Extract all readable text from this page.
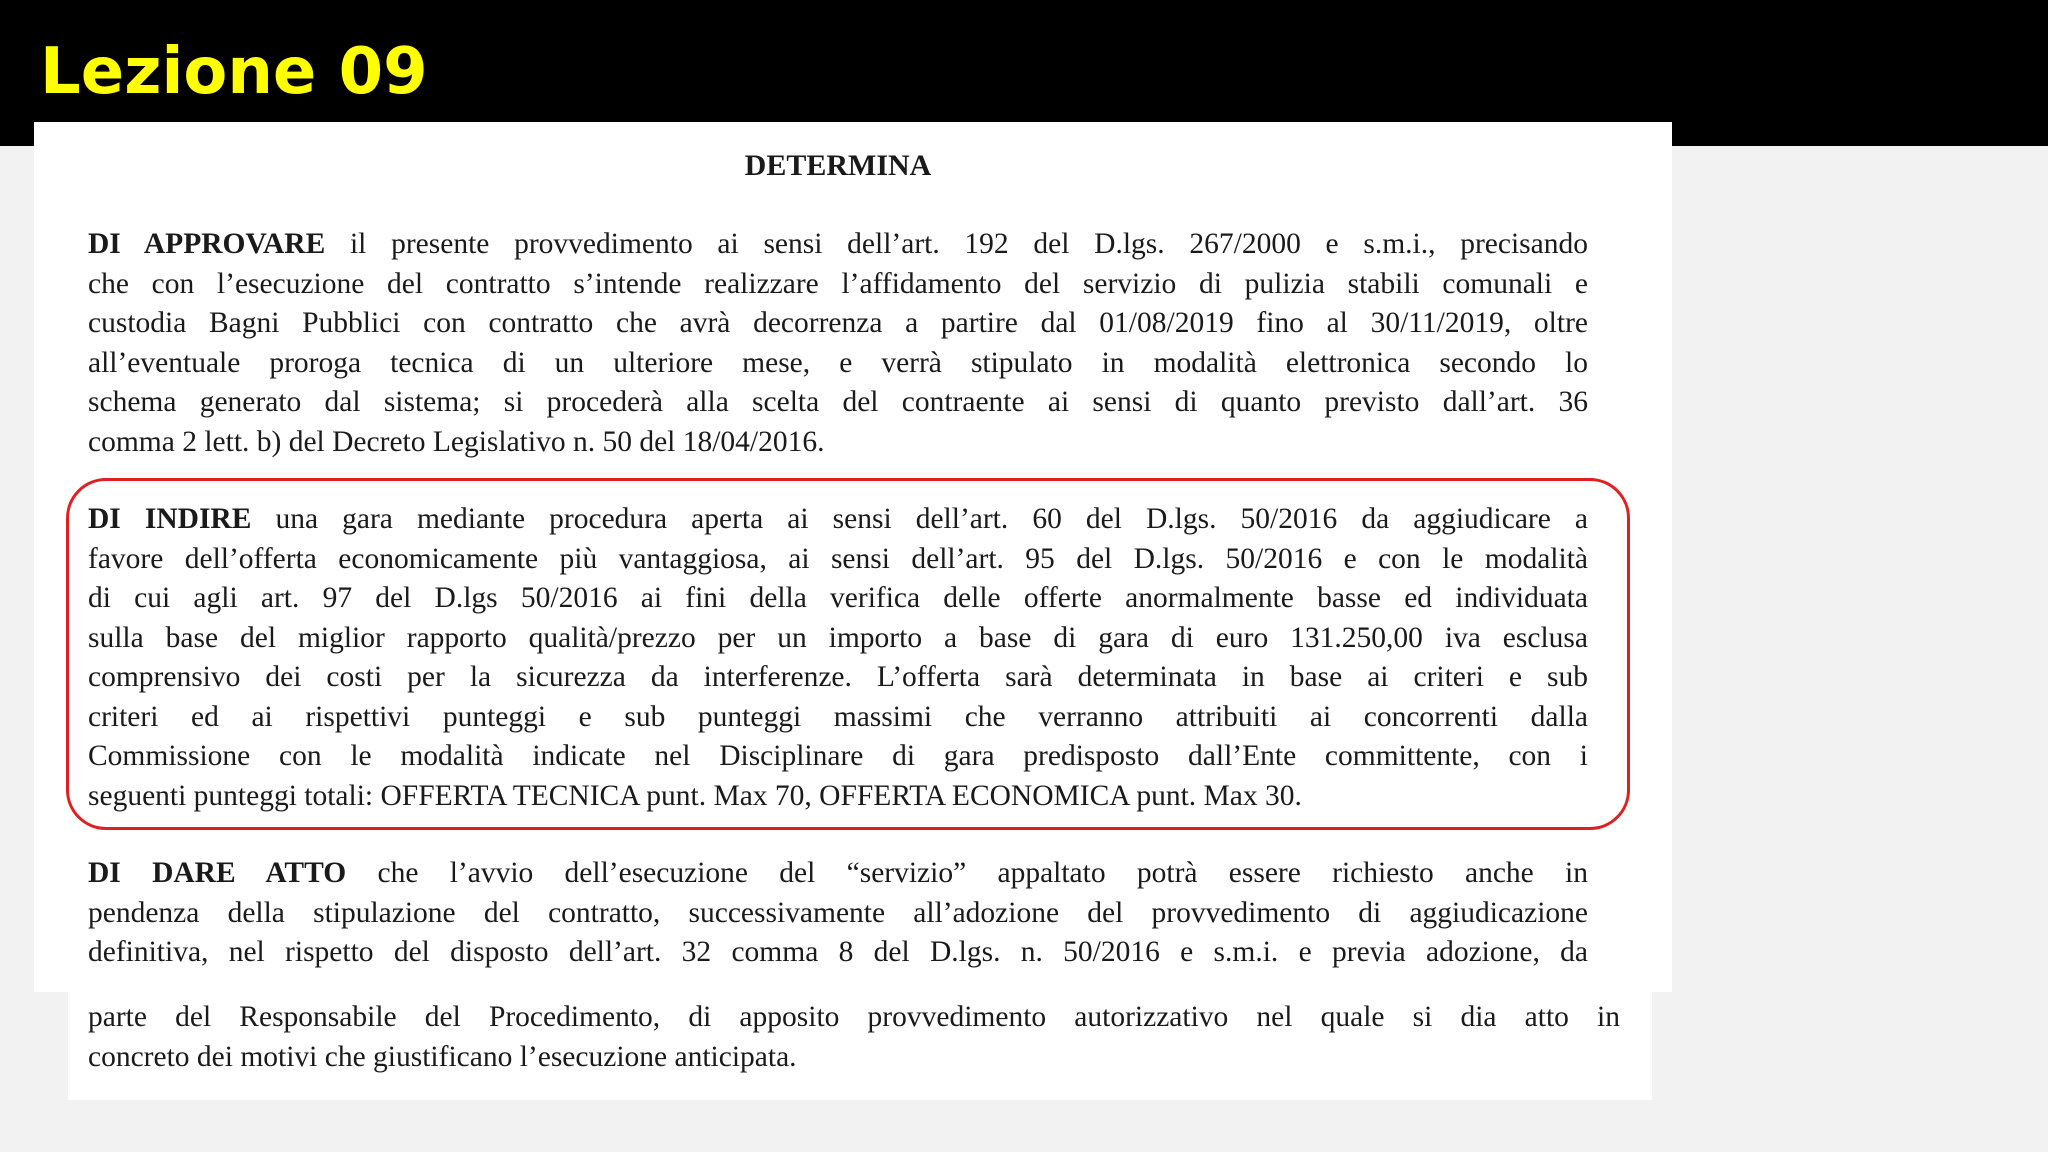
Lezione 09
DETERMINA
DI APPROVARE il presente provvedimento ai sensi dell’art. 192 del D.lgs. 267/2000 e s.m.i., precisando
che con l’esecuzione del contratto s’intende realizzare l’affidamento del servizio di pulizia stabili comunali e
custodia Bagni Pubblici con contratto che avrà decorrenza a partire dal 01/08/2019 fino al 30/11/2019, oltre
all’eventuale proroga tecnica di un ulteriore mese, e verrà stipulato in modalità elettronica secondo lo
schema generato dal sistema; si procederà alla scelta del contraente ai sensi di quanto previsto dall’art. 36
comma 2 lett. b) del Decreto Legislativo n. 50 del 18/04/2016.
DI INDIRE una gara mediante procedura aperta ai sensi dell’art. 60 del D.lgs. 50/2016 da aggiudicare a
favore dell’offerta economicamente più vantaggiosa, ai sensi dell’art. 95 del D.lgs. 50/2016 e con le modalità
di cui agli art. 97 del D.lgs 50/2016 ai fini della verifica delle offerte anormalmente basse ed individuata
sulla base del miglior rapporto qualità/prezzo per un importo a base di gara di euro 131.250,00 iva esclusa
comprensivo dei costi per la sicurezza da interferenze. L’offerta sarà determinata in base ai criteri e sub
criteri ed ai rispettivi punteggi e sub punteggi massimi che verranno attribuiti ai concorrenti dalla
Commissione con le modalità indicate nel Disciplinare di gara predisposto dall’Ente committente, con i
seguenti punteggi totali: OFFERTA TECNICA punt. Max 70, OFFERTA ECONOMICA punt. Max 30.
DI DARE ATTO che l’avvio dell’esecuzione del “servizio” appaltato potrà essere richiesto anche in
pendenza della stipulazione del contratto, successivamente all’adozione del provvedimento di aggiudicazione
definitiva, nel rispetto del disposto dell’art. 32 comma 8 del D.lgs. n. 50/2016 e s.m.i. e previa adozione, da
parte del Responsabile del Procedimento, di apposito provvedimento autorizzativo nel quale si dia atto in
concreto dei motivi che giustificano l’esecuzione anticipata.
